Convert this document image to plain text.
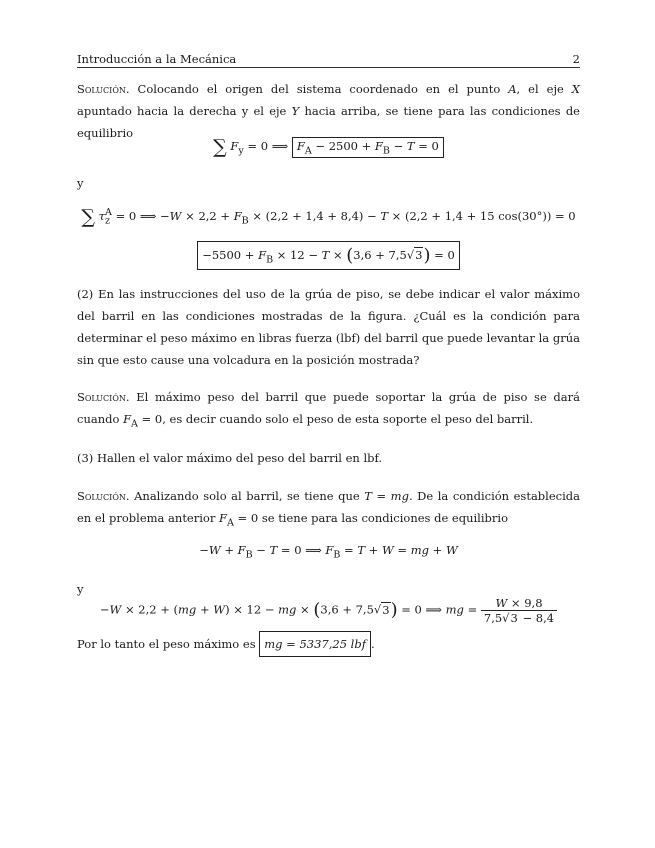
Introducción a la Mecánica	2
Solución. Colocando el origen del sistema coordenado en el punto A, el eje X apuntado hacia la derecha y el eje Y hacia arriba, se tiene para las condiciones de equilibrio
∑ $F_y = 0$ ⟹ $F_A - 2500 + F_B - T = 0$
y
∑ $\tau_z^A = 0$ ⟹ $-W \times 2,2 + F_B \times (2,2 + 1,4 + 8,4) - T \times (2,2 + 1,4 + 15$ cos(30°)) = 0
$-5500 + F_B \times 12 - T \times (3,6 + 7,5√3) = 0$
(2) En las instrucciones del uso de la grúa de piso, se debe indicar el valor máximo del barril en las condiciones mostradas de la figura. ¿Cuál es la condición para determinar el peso máximo en libras fuerza (lbf) del barril que puede levantar la grúa sin que esto cause una volcadura en la posición mostrada?
Solución. El máximo peso del barril que puede soportar la grúa de piso se dará cuando $F_A = 0$, es decir cuando solo el peso de esta soporte el peso del barril.
(3) Hallen el valor máximo del peso del barril en lbf.
Solución. Analizando solo al barril, se tiene que T = mg. De la condición establecida en el problema anterior $F_A = 0$ se tiene para las condiciones de equilibrio
$-W + F_B - T = 0$ ⟹ $F_B = T + W$ = mg + W
y
−W × 2,2 + (mg + W) × 12 − mg × (3,6 + 7,5√3) = 0 ⟹ mg = $\frac{W \times 9,8}{7,5√3 - 8,4}$
Por lo tanto el peso máximo es mg = 5337,25 lbf .
